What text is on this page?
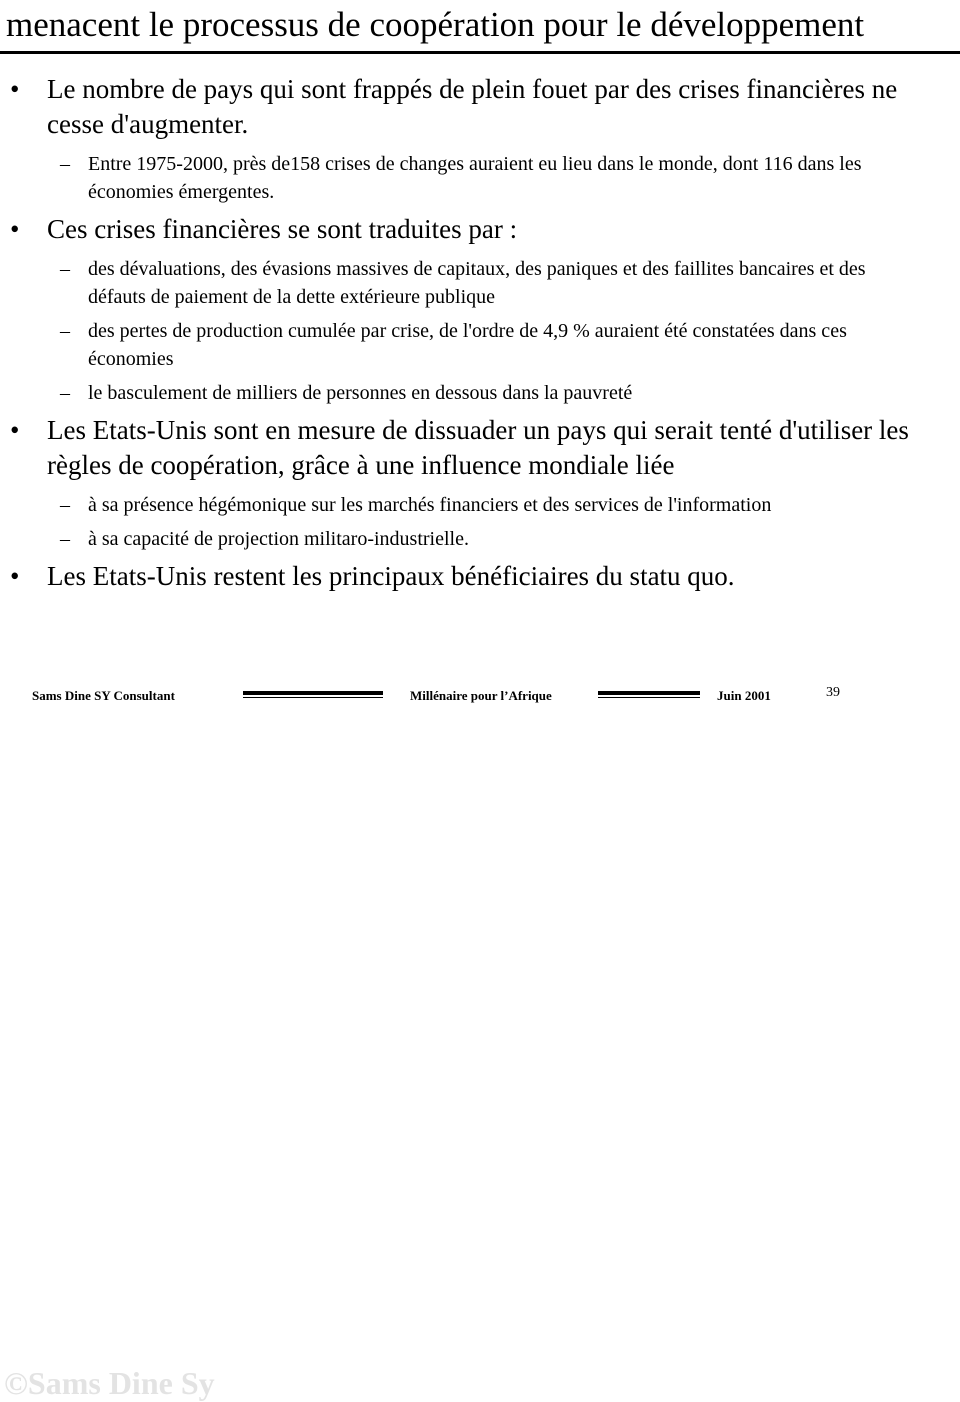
menacent le processus de coopération pour le développement
• Le nombre de pays qui sont frappés de plein fouet par des crises financières ne cesse d'augmenter.
– Entre 1975-2000, près de158 crises de changes auraient eu lieu dans le monde, dont 116 dans les économies émergentes.
• Ces crises financières se sont traduites par :
– des dévaluations, des évasions massives de capitaux, des paniques et des faillites bancaires et des défauts de paiement de la dette extérieure publique
– des pertes de production cumulée par crise, de l'ordre de 4,9 % auraient été constatées dans ces économies
– le basculement de milliers de personnes en dessous dans la pauvreté
• Les Etats-Unis sont en mesure de dissuader un pays qui serait tenté d'utiliser les règles de coopération, grâce à une influence mondiale liée
– à sa présence hégémonique sur les marchés financiers et des services de l'information
– à sa capacité de projection militaro-industrielle.
• Les Etats-Unis restent les principaux bénéficiaires du statu quo.
©Sams Dine Sy
Sams Dine SY Consultant	Millénaire pour l’Afrique	Juin 2001	39
